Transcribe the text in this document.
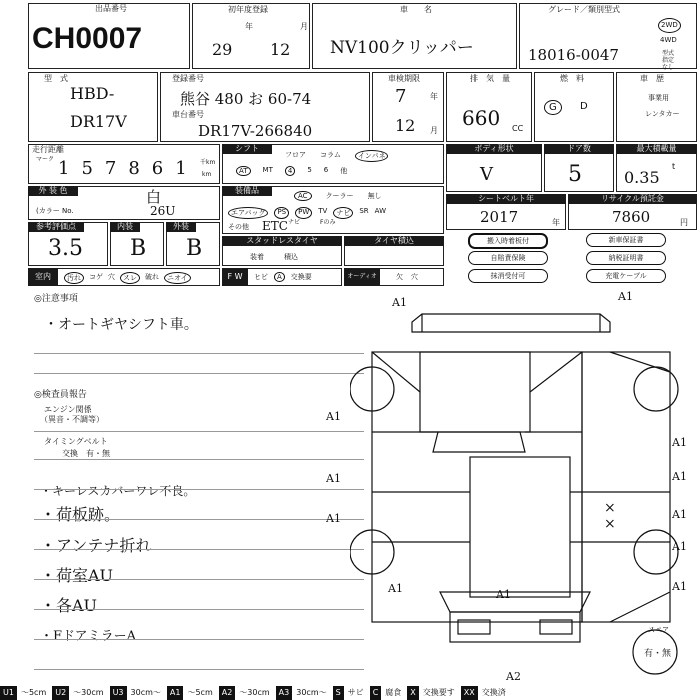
出品番号
CH0007
初年度登録
29
年
12
月
車　　名
NV100クリッパー
グレード／類別型式
18016-0047
2WD
4WD
型式
指定
なし
型　式
HBD-
DR17V
登録番号
熊谷 480 お 60-74
車台番号
DR17V-266840
車検期限
7	年
12 月
排　気　量
660 CC
燃　料
G	D
車　歴
事業用
レンタカー
走行距離
マーク 157861 千km
km
シフト
フロア コラム	インパネ
AT	MT	4	5 6 他
ボディ形状
V
ドア数
5
最大積載量
0.35
t
外 装 色	白
(カラー No.	26U
装備品
AC	クーラー 無し
エアバッグ	PS	PW	TV	ナビ	SR AW
その他 ETC ナビ	Fのみ
シートベルト年
2017	年
リサイクル預託金
7860	円
参考評価点
3.5
内装
B
外装
B	スタッドレスタイヤ
装着	積込
タイヤ積込	搬入時着板付	新車保証書
自賠責保険	納税証明書
抹消受付可	充電ケーブル
室内	汚れ	コゲ 穴	スレ	破れ	ニオイ	F W	ヒビ	A	交換要	オーディオ	欠 穴
◎注意事項
・オートギヤシフト車。
◎検査員報告
エンジン関係
（異音・不調等）
タイミングベルト
交換　有・無
・キーレスカバーワレ不良。
・荷板跡。
・アンテナ折れ
・荷室AU
・各AU
・FドアミラーA
A1	A1
A1
A1
A1
A1
A1	A1
A1
A2
A1	A1
A1
×
×
スペア
有・無
U1 ～5cm	U2 ～30cm	U3 30cm～	A1 ～5cm	A2 ～30cm	A3 30cm～	S サビ	C 腐食	X 交換要す	XX 交換済
